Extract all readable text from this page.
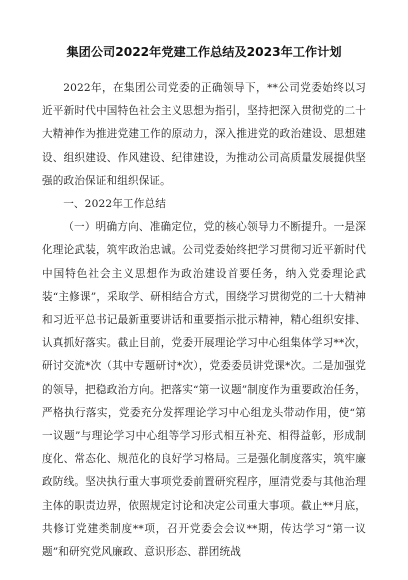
集团公司2022年党建工作总结及2023年工作计划

2022年，在集团公司党委的正确领导下，**公司党委始终以习近平新时代中国特色社会主义思想为指引，坚持把深入贯彻党的二十大精神作为推进党建工作的原动力，深入推进党的政治建设、思想建设、组织建设、作风建设、纪律建设，为推动公司高质量发展提供坚强的政治保证和组织保证。

一、2022年工作总结

（一）明确方向、准确定位，党的核心领导力不断提升。一是深化理论武装，筑牢政治忠诚。公司党委始终把学习贯彻习近平新时代中国特色社会主义思想作为政治建设首要任务，纳入党委理论武装“主修课”，采取学、研相结合方式，围绕学习贯彻党的二十大精神和习近平总书记最新重要讲话和重要指示批示精神，精心组织安排、认真抓好落实。截止目前，党委开展理论学习中心组集体学习**次，研讨交流*次（其中专题研讨*次），党委委员讲党课*次。二是加强党的领导，把稳政治方向。把落实“第一议题”制度作为重要政治任务，严格执行落实，党委充分发挥理论学习中心组龙头带动作用，使“第一议题”与理论学习中心组等学习形式相互补充、相得益彰，形成制度化、常态化、规范化的良好学习格局。三是强化制度落实，筑牢廉政防线。坚决执行重大事项党委前置研究程序，厘清党委与其他治理主体的职责边界，依照规定讨论和决定公司重大事项。截止**月底，共修订党建类制度**项，召开党委会会议**期，传达学习“第一议题”和研究党风廉政、意识形态、群团统战
